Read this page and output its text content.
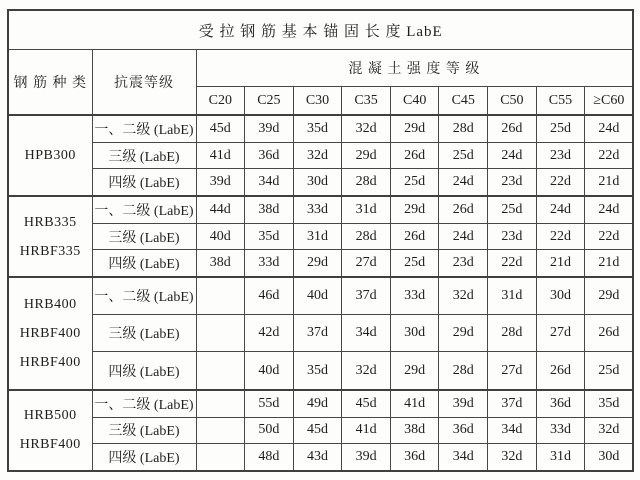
受 拉 钢 筋 基 本 锚 固 长 度 LabE										
钢 筋 种 类	抗震等级	混 凝 土 强 度 等 级								
		C20	C25	C30	C35	C40	C45	C50	C55	≥C60

HPB300	一、二级 (LabE)	45d	39d	35d	32d	29d	28d	26d	25d	24d
	三级 (LabE)	41d	36d	32d	29d	26d	25d	24d	23d	22d
	四级 (LabE)	39d	34d	30d	28d	25d	24d	23d	22d	21d

HRB335
HRBF335	一、二级 (LabE)	44d	38d	33d	31d	29d	26d	25d	24d	24d
	三级 (LabE)	40d	35d	31d	28d	26d	24d	23d	22d	22d
	四级 (LabE)	38d	33d	29d	27d	25d	23d	22d	21d	21d

HRB400
HRBF400
HRBF400	一、二级 (LabE)		46d	40d	37d	33d	32d	31d	30d	29d
	三级 (LabE)		42d	37d	34d	30d	29d	28d	27d	26d
	四级 (LabE)		40d	35d	32d	29d	28d	27d	26d	25d

HRB500
HRBF400	一、二级 (LabE)		55d	49d	45d	41d	39d	37d	36d	35d
	三级 (LabE)		50d	45d	41d	38d	36d	34d	33d	32d
	四级 (LabE)		48d	43d	39d	36d	34d	32d	31d	30d
